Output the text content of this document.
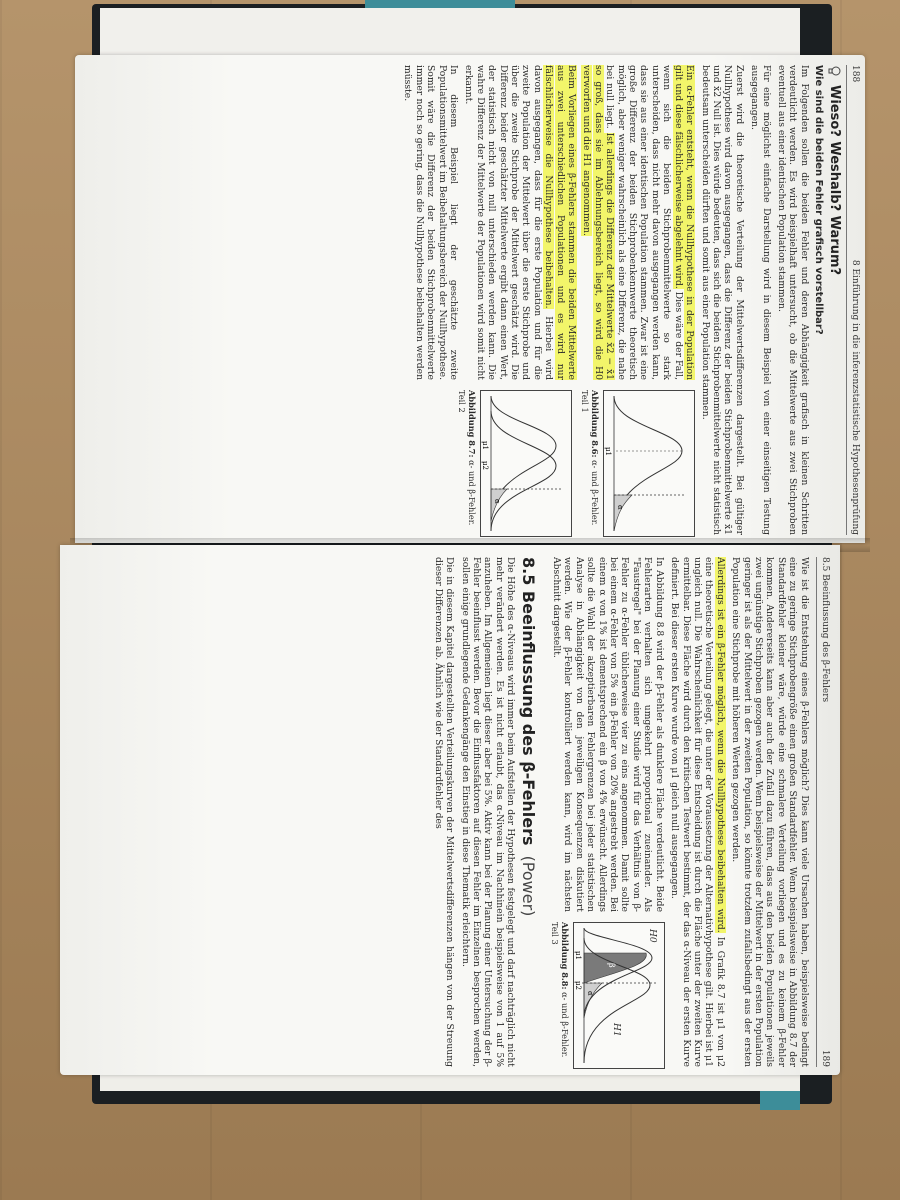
188
8 Einführung in die inferenzstatistische Hypothesenprüfung
Wieso? Weshalb? Warum?
Wie sind die beiden Fehler grafisch vorstellbar?

Im Folgenden sollen die beiden Fehler und deren Abhängigkeit grafisch in kleinen Schritten verdeutlicht werden. Es wird beispielhaft untersucht, ob die Mittelwerte aus zwei Stichproben eventuell aus einer identischen Population stammen.

Für eine möglichst einfache Darstellung wird in diesem Beispiel von einer einseitigen Testung ausgegangen.

Zuerst wird die theoretische Verteilung der Mittelwertsdifferenzen dargestellt. Bei gültiger Nullhypothese wird davon ausgegangen, dass die Differenz der beiden Stichprobenmittelwerte x̄1 und x̄2 Null ist. Dies würde bedeuten, dass sich die beiden Stichprobenmittelwerte nicht statistisch bedeutsam unterscheiden dürften und somit aus einer Population stammen.

Ein α-Fehler entsteht, wenn die Nullhypothese in der Population gilt und diese fälschlicherweise abgelehnt wird. Dies wäre der Fall, wenn sich die beiden Stichprobenmittelwerte so stark unterscheiden, dass nicht mehr davon ausgegangen werden kann, dass sie aus einer identischen Population stammen. Zwar ist eine große Differenz der beiden Stichprobenkennwerte theoretisch möglich, aber weniger wahrscheinlich als eine Differenz, die nahe bei null liegt. Ist allerdings die Differenz der Mittelwerte x̄2 − x̄1 so groß, dass sie im Ablehnungsbereich liegt, so wird die H0 verworfen und die H1 angenommen.

Beim Vorliegen eines β-Fehlers stammen die beiden Mittelwerte aus zwei unterschiedlichen Populationen und es wird nur fälschlicherweise die Nullhypothese beibehalten. Hierbei wird davon ausgegangen, dass für die erste Population und für die zweite Population der Mittelwert über die erste Stichprobe und über die zweite Stichprobe der Mittelwert geschätzt wird. Die Differenz beider geschätzter Mittelwerte ergibt dann einen Wert, der statistisch nicht von null unterschieden werden kann. Die wahre Differenz der Mittelwerte der Populationen wird somit nicht erkannt.

In diesem Beispiel liegt der geschätzte zweite Populationsmittelwert im Beibehaltungsbereich der Nullhypothese. Somit wäre die Differenz der beiden Stichprobenmittelwerte immer noch so gering, dass die Nullhypothese beibehalten werden müsste.

μ1
α
Abbildung 8.6: α- und β-Fehler. Teil 1
μ1
μ2
α
Abbildung 8.7: α- und β-Fehler. Teil 2
8.5 Beeinflussung des β-Fehlers
189

Wie ist die Entstehung eines β-Fehlers möglich? Dies kann viele Ursachen haben, beispielsweise bedingt eine zu geringe Stichprobengröße einen großen Standardfehler. Wenn beispielsweise in Abbildung 8.7 der Standardfehler kleiner wäre, würde eine schmalere Verteilung vorliegen und es zu keinem β-Fehler kommen. Andererseits kann aber auch der Zufall dazu führen, dass aus den beiden Populationen jeweils zwei ungünstige Stichproben gezogen werden. Wenn beispielsweise der Mittelwert in der ersten Population geringer ist als der Mittelwert in der zweiten Population, so könnte trotzdem zufallsbedingt aus der ersten Population eine Stichprobe mit höheren Werten gezogen werden.

Allerdings ist ein β-Fehler möglich, wenn die Nullhypothese beibehalten wird. In Grafik 8.7 ist μ1 von μ2 eine theoretische Verteilung gelegt, die unter der Voraussetzung der Alternativhypothese gilt. Hierbei ist μ1 ungleich null. Die Wahrscheinlichkeit für diese Entscheidung ist durch die Fläche unter der zweiten Kurve ermittelbar. Diese Fläche wird durch den kritischen Testwert bestimmt, der das α-Niveau der ersten Kurve definiert. Bei dieser ersten Kurve wurde von μ1 gleich null ausgegangen.

In Abbildung 8.8 wird der β-Fehler als dunklere Fläche verdeutlicht. Beide Fehlerarten verhalten sich umgekehrt proportional zueinander. Als "Faustregel" bei der Planung einer Studie wird für das Verhältnis von β-Fehler zu α-Fehler üblicherweise vier zu eins angenommen. Damit sollte bei einem α-Fehler von 5% ein β-Fehler von 20% angestrebt werden. Bei einem α von 1% ist dementsprechend ein β von 4% erwünscht. Allerdings sollte die Wahl der akzeptierbaren Fehlergrenzen bei jeder statistischen Analyse in Abhängigkeit von den jeweiligen Konsequenzen diskutiert werden. Wie der β-Fehler kontrolliert werden kann, wird im nächsten Abschnitt dargestellt.

μ1
μ2
β
α
H0
H1
Abbildung 8.8: α- und β-Fehler. Teil 3
8.5 Beeinflussung des β-Fehlers
(Power)

Die Höhe des α-Niveaus wird immer beim Aufstellen der Hypothesen festgelegt und darf nachträglich nicht mehr verändert werden. Es ist nicht erlaubt, das α-Niveau im Nachhinein beispielsweise von 1 auf 5% anzuheben. Im Allgemeinen liegt dieser aber bei 5%. Aktiv kann bei der Planung einer Untersuchung der β-Fehler beeinflusst werden. Bevor die Einflussfaktoren auf diesen Fehler im Einzelnen besprochen werden, sollen einige grundlegende Gedankengänge den Einstieg in diese Thematik erleichtern.

Die in diesem Kapitel dargestellten Verteilungskurven der Mittelwertsdifferenzen hängen von der Streuung dieser Differenzen ab. Ähnlich wie der Standardfehler des
